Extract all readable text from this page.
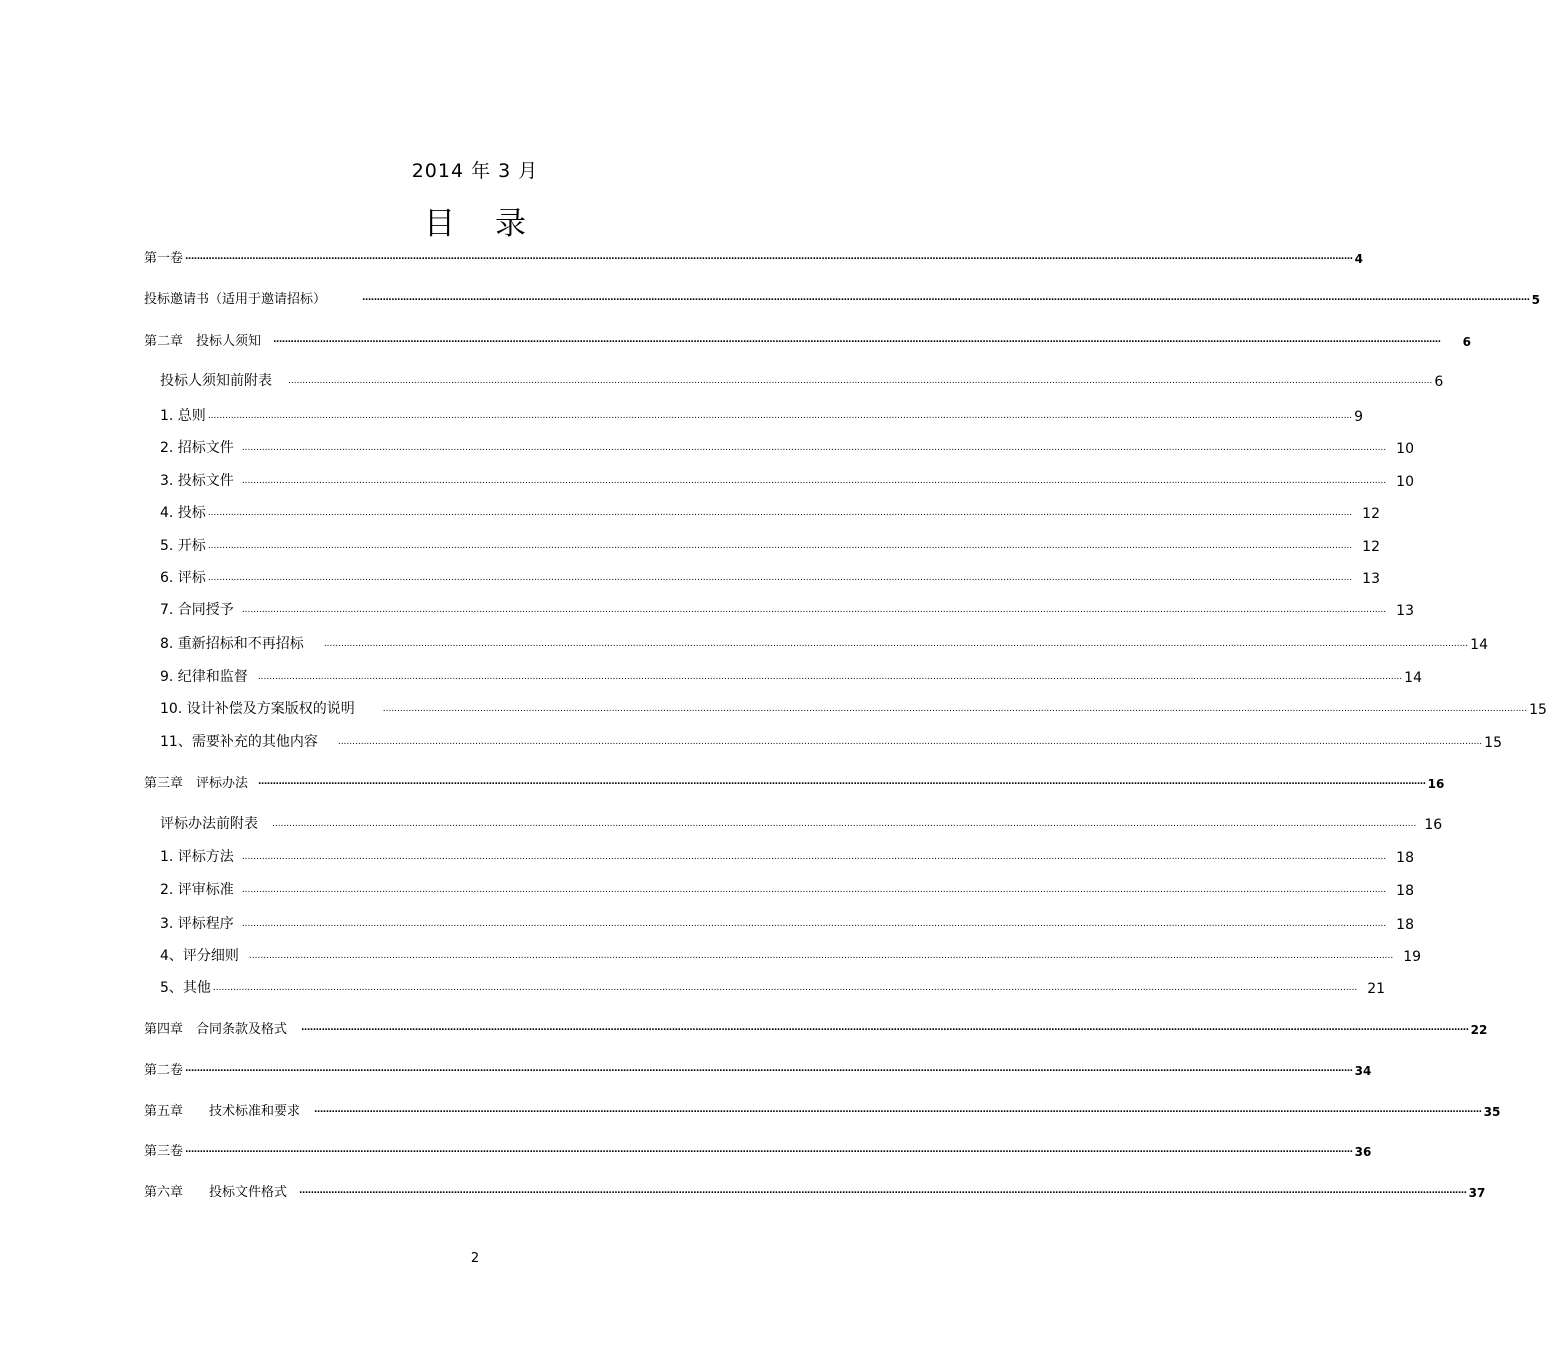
2014 年 3 月
目 录
第一卷 ................................................................................................................................................................................................................................................................................................................................................................................................................ 4
投标邀请书（适用于邀请招标）	................................................................................................................................................................................................................................................................................................................................................................................................................ 5
第二章　投标人须知 ................................................................................................................................................................................................................................................................................................................................................................................................................ 6
投标人须知前附表 ................................................................................................................................................................................................................................................................................................................................................................................................................ 6
1. 总则 ................................................................................................................................................................................................................................................................................................................................................................................................................ 9
2. 招标文件 ................................................................................................................................................................................................................................................................................................................................................................................................................ 10
3. 投标文件 ................................................................................................................................................................................................................................................................................................................................................................................................................ 10
4. 投标 ................................................................................................................................................................................................................................................................................................................................................................................................................ 12
5. 开标 ................................................................................................................................................................................................................................................................................................................................................................................................................ 12
6. 评标 ................................................................................................................................................................................................................................................................................................................................................................................................................ 13
7. 合同授予 ................................................................................................................................................................................................................................................................................................................................................................................................................ 13
8. 重新招标和不再招标 ................................................................................................................................................................................................................................................................................................................................................................................................................ 14
9. 纪律和监督 ................................................................................................................................................................................................................................................................................................................................................................................................................ 14
10. 设计补偿及方案版权的说明	................................................................................................................................................................................................................................................................................................................................................................................................................ 15
11、需要补充的其他内容 ................................................................................................................................................................................................................................................................................................................................................................................................................ 15
第三章　评标办法 ................................................................................................................................................................................................................................................................................................................................................................................................................ 16
评标办法前附表 ................................................................................................................................................................................................................................................................................................................................................................................................................ 16
1. 评标方法 ................................................................................................................................................................................................................................................................................................................................................................................................................ 18
2. 评审标准 ................................................................................................................................................................................................................................................................................................................................................................................................................ 18
3. 评标程序 ................................................................................................................................................................................................................................................................................................................................................................................................................ 18
4、评分细则 ................................................................................................................................................................................................................................................................................................................................................................................................................ 19
5、其他 ................................................................................................................................................................................................................................................................................................................................................................................................................ 21
第四章　合同条款及格式 ................................................................................................................................................................................................................................................................................................................................................................................................................ 22
第二卷 ................................................................................................................................................................................................................................................................................................................................................................................................................ 34
第五章　　技术标准和要求 ................................................................................................................................................................................................................................................................................................................................................................................................................ 35
第三卷 ................................................................................................................................................................................................................................................................................................................................................................................................................ 36
第六章　　投标文件格式 ................................................................................................................................................................................................................................................................................................................................................................................................................ 37
2
